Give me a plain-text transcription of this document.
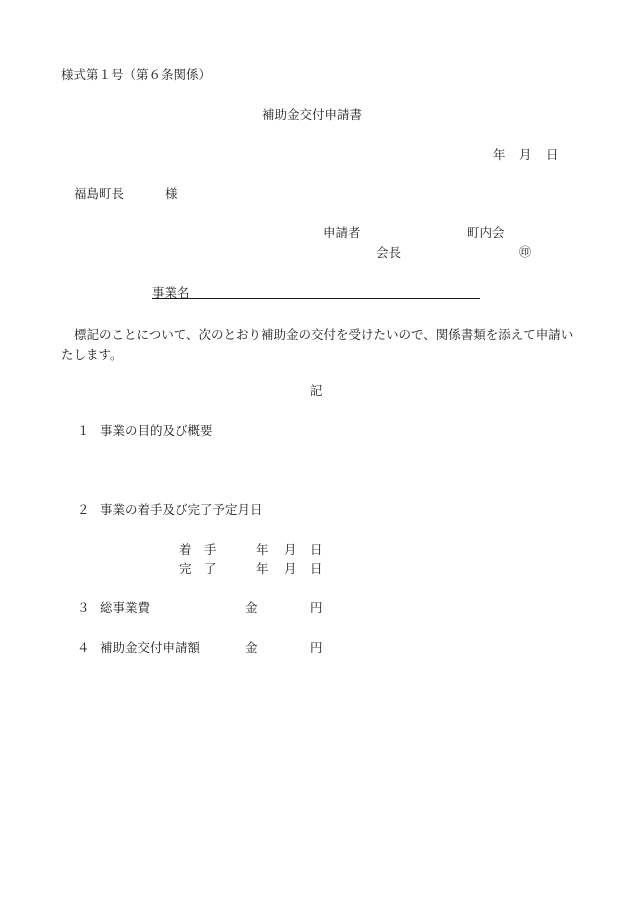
様式第１号（第６条関係）
補助金交付申請書
年 月 日
福島町長	様
申請者	町内会
会長	㊞
事業名
標記のことについて、次のとおり補助金の交付を受けたいので、関係書類を添えて申請いたします。
記
１ 事業の目的及び概要
２ 事業の着手及び完了予定月日
着　手	年 月 日
完　了	年 月 日
３ 総事業費	金	円
４ 補助金交付申請額	金	円
